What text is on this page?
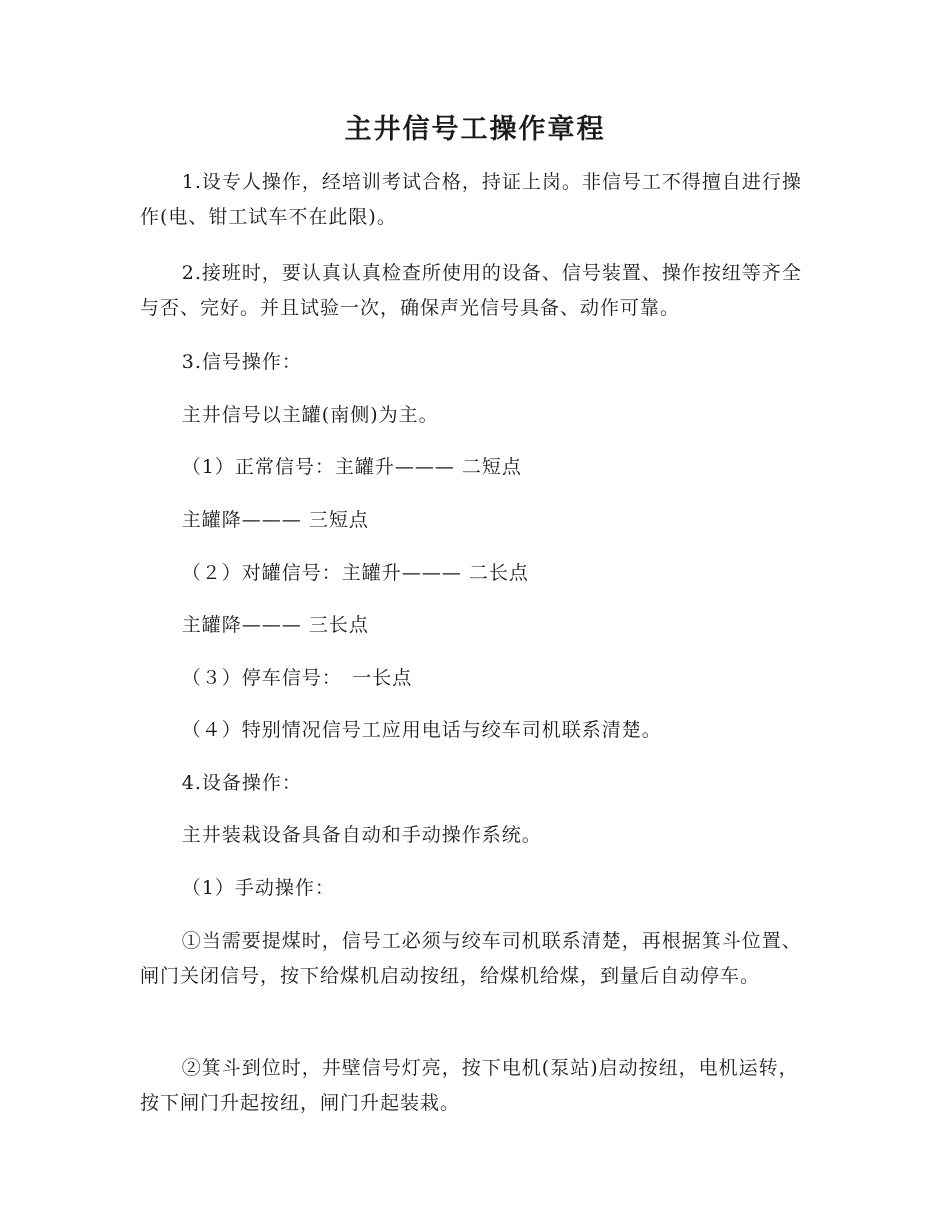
主井信号工操作章程

1.设专人操作，经培训考试合格，持证上岗。非信号工不得擅自进行操作(电、钳工试车不在此限)。

2.接班时，要认真认真检查所使用的设备、信号装置、操作按纽等齐全与否、完好。并且试验一次，确保声光信号具备、动作可靠。

3.信号操作：

主井信号以主罐(南侧)为主。

（1）正常信号：主罐升——— 二短点

主罐降——— 三短点

（２）对罐信号：主罐升——— 二长点

主罐降——— 三长点

（３）停车信号：　一长点

（４）特别情况信号工应用电话与绞车司机联系清楚。

4.设备操作：

主井装栽设备具备自动和手动操作系统。

（1）手动操作：

①当需要提煤时，信号工必须与绞车司机联系清楚，再根据箕斗位置、闸门关闭信号，按下给煤机启动按纽，给煤机给煤，到量后自动停车。

②箕斗到位时，井壁信号灯亮，按下电机(泵站)启动按纽，电机运转，按下闸门升起按纽，闸门升起装栽。
